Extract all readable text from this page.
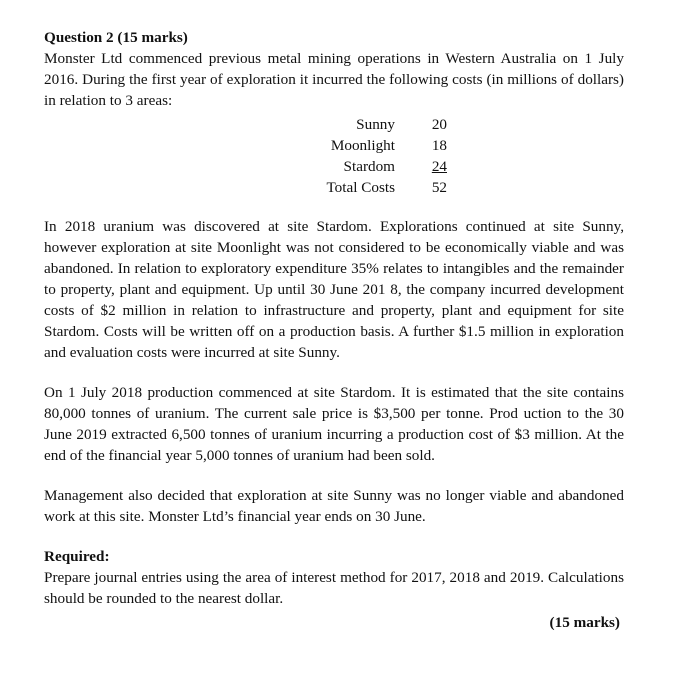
Question 2 (15 marks)

Monster Ltd commenced previous metal mining operations in Western Australia on 1 July 2016. During the first year of exploration it incurred the following costs (in millions of dollars) in relation to 3 areas:

Sunny	20
Moonlight	18
Stardom	24
Total Costs	52

In 2018 uranium was discovered at site Stardom. Explorations continued at site Sunny, however exploration at site Moonlight was not considered to be economically viable and was abandoned. In relation to exploratory expenditure 35% relates to intangibles and the remainder to property, plant and equipment. Up until 30 June 201 8, the company incurred development costs of $2 million in relation to infrastructure and property, plant and equipment for site Stardom. Costs will be written off on a production basis. A further $1.5 million in exploration and evaluation costs were incurred at site Sunny.

On 1 July 2018 production commenced at site Stardom. It is estimated that the site contains 80,000 tonnes of uranium. The current sale price is $3,500 per tonne. Prod uction to the 30 June 2019 extracted 6,500 tonnes of uranium incurring a production cost of $3 million. At the end of the financial year 5,000 tonnes of uranium had been sold.

Management also decided that exploration at site Sunny was no longer viable and abandoned work at this site. Monster Ltd’s financial year ends on 30 June.

Required:

Prepare journal entries using the area of interest method for 2017, 2018 and 2019. Calculations should be rounded to the nearest dollar.

(15 marks)
